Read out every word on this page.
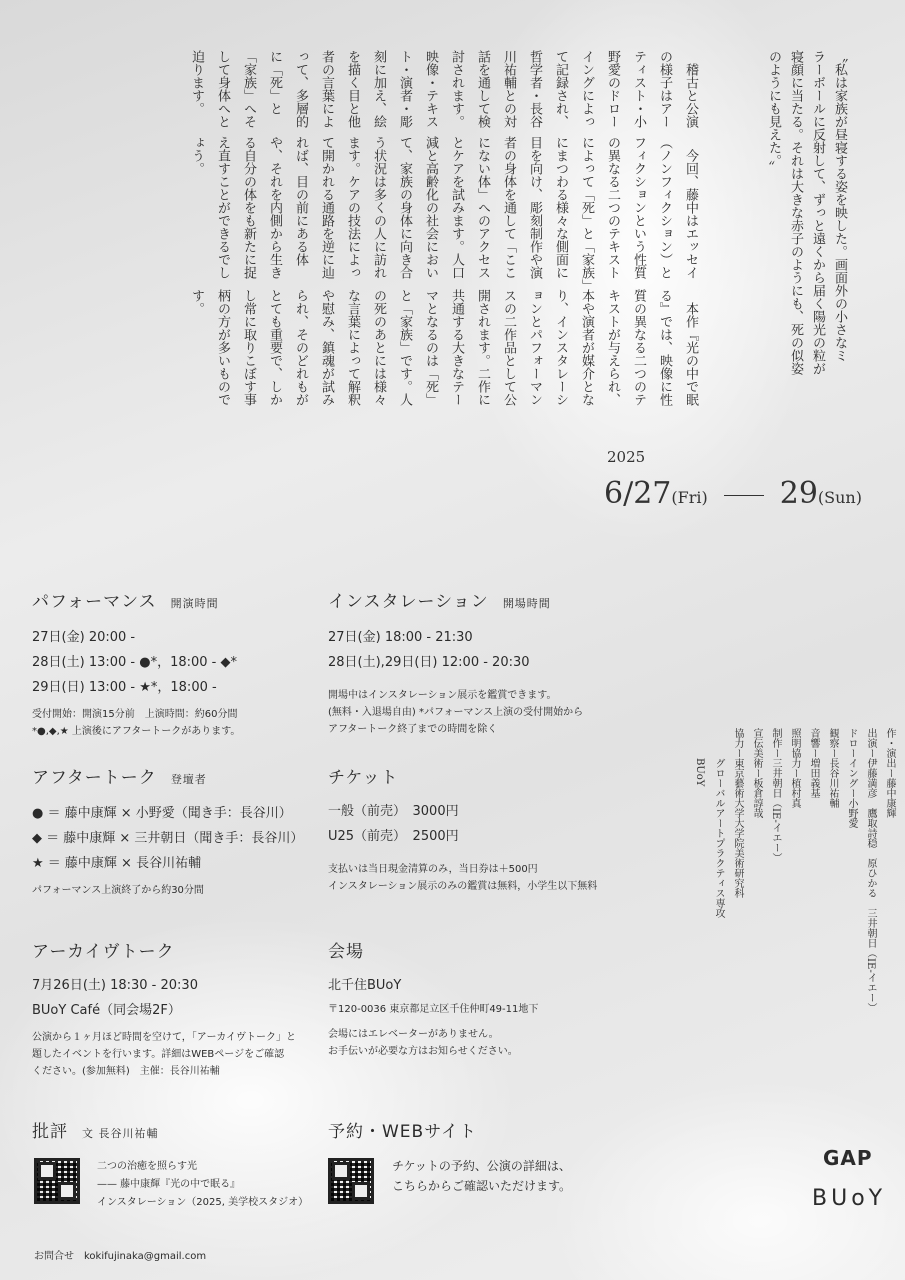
〝私は家族が昼寝する姿を映した。画面外の小さなミ
ラーボールに反射して、ずっと遠くから届く陽光の粒が
寝顔に当たる。それは大きな赤子のようにも、死の似姿
のようにも見えた。〞

　本作『光の中で眠る』では、映像に性質の異なる二つのテキストが与えられ、本や演者が媒介となり、インスタレーションとパフォーマンスの二作品として公開されます。二作に共通する大きなテーマとなるのは「死」と「家族」です。人の死のあとには様々な言葉によって解釈や慰み、鎮魂が試みられ、そのどれもがとても重要で、しかし常に取りこぼす事柄の方が多いものです。

　今回、藤中はエッセイ（ノンフィクション）とフィクションという性質の異なる二つのテキストによって「死」と「家族」にまつわる様々な側面に目を向け、彫刻制作や演者の身体を通して「ここにない体」へのアクセスとケアを試みます。人口減と高齢化の社会において、家族の身体に向き合う状況は多くの人に訪れます。ケアの技法によって開かれる通路を逆に辿れば、目の前にある体や、それを内側から生きる自分の体をも新たに捉え直すことができるでしょう。

　稽古と公演の様子はアーティスト・小野愛のドローイングによって記録され、哲学者・長谷川祐輔との対話を通して検討されます。映像・テキスト・演者・彫刻に加え、絵を描く目と他者の言葉によって、多層的に「死」と「家族」へそして身体へと迫ります。

2025
6/27(Fri) 29(Sun)
作・演出ー藤中康輝
出演ー伊藤満彦　鷹取詩穏　原ひかる　三井朝日（IE-イエー）
ドローイングー小野愛
観察ー長谷川祐輔
音響ー増田義基
照明協力ー植村真
制作ー三井朝日（IE-イエー）
宣伝美術ー板倉諄哉
協力ー東京藝術大学大学院美術研究科
　　　グローバルアートプラクティス専攻
　　　BUoY
パフォーマンス 開演時間
27日(金) 20:00 -
28日(土) 13:00 - ●*，18:00 - ◆*
29日(日) 13:00 - ★*，18:00 -
受付開始：開演15分前　上演時間：約60分間
*●,◆,★ 上演後にアフタートークがあります。
インスタレーション 開場時間
27日(金) 18:00 - 21:30
28日(土),29日(日) 12:00 - 20:30
開場中はインスタレーション展示を鑑賞できます。
(無料・入退場自由) *パフォーマンス上演の受付開始から
アフタートーク終了までの時間を除く
アフタートーク 登壇者
● ＝ 藤中康輝 × 小野愛（聞き手：長谷川）
◆ ＝ 藤中康輝 × 三井朝日（聞き手：長谷川）
★ ＝ 藤中康輝 × 長谷川祐輔
パフォーマンス上演終了から約30分間
チケット
一般（前売）　3000円
U25（前売）　2500円
支払いは当日現金清算のみ，当日券は＋500円
インスタレーション展示のみの鑑賞は無料，小学生以下無料
アーカイヴトーク
7月26日(土) 18:30 - 20:30
BUoY Café（同会場2F）
公演から１ヶ月ほど時間を空けて，「アーカイヴトーク」と
題したイベントを行います。詳細はWEBページをご確認
ください。(参加無料)　主催：長谷川祐輔
会場
北千住BUoY
〒120-0036 東京都足立区千住仲町49-11地下
会場にはエレベーターがありません。
お手伝いが必要な方はお知らせください。
批評 文 長谷川祐輔
二つの治癒を照らす光
—— 藤中康輝『光の中で眠る』
インスタレーション（2025, 美学校スタジオ）
予約・WEBサイト
チケットの予約、公演の詳細は、
こちらからご確認いただけます。
お問合せ　kokifujinaka@gmail.com
GAP
BUoY
